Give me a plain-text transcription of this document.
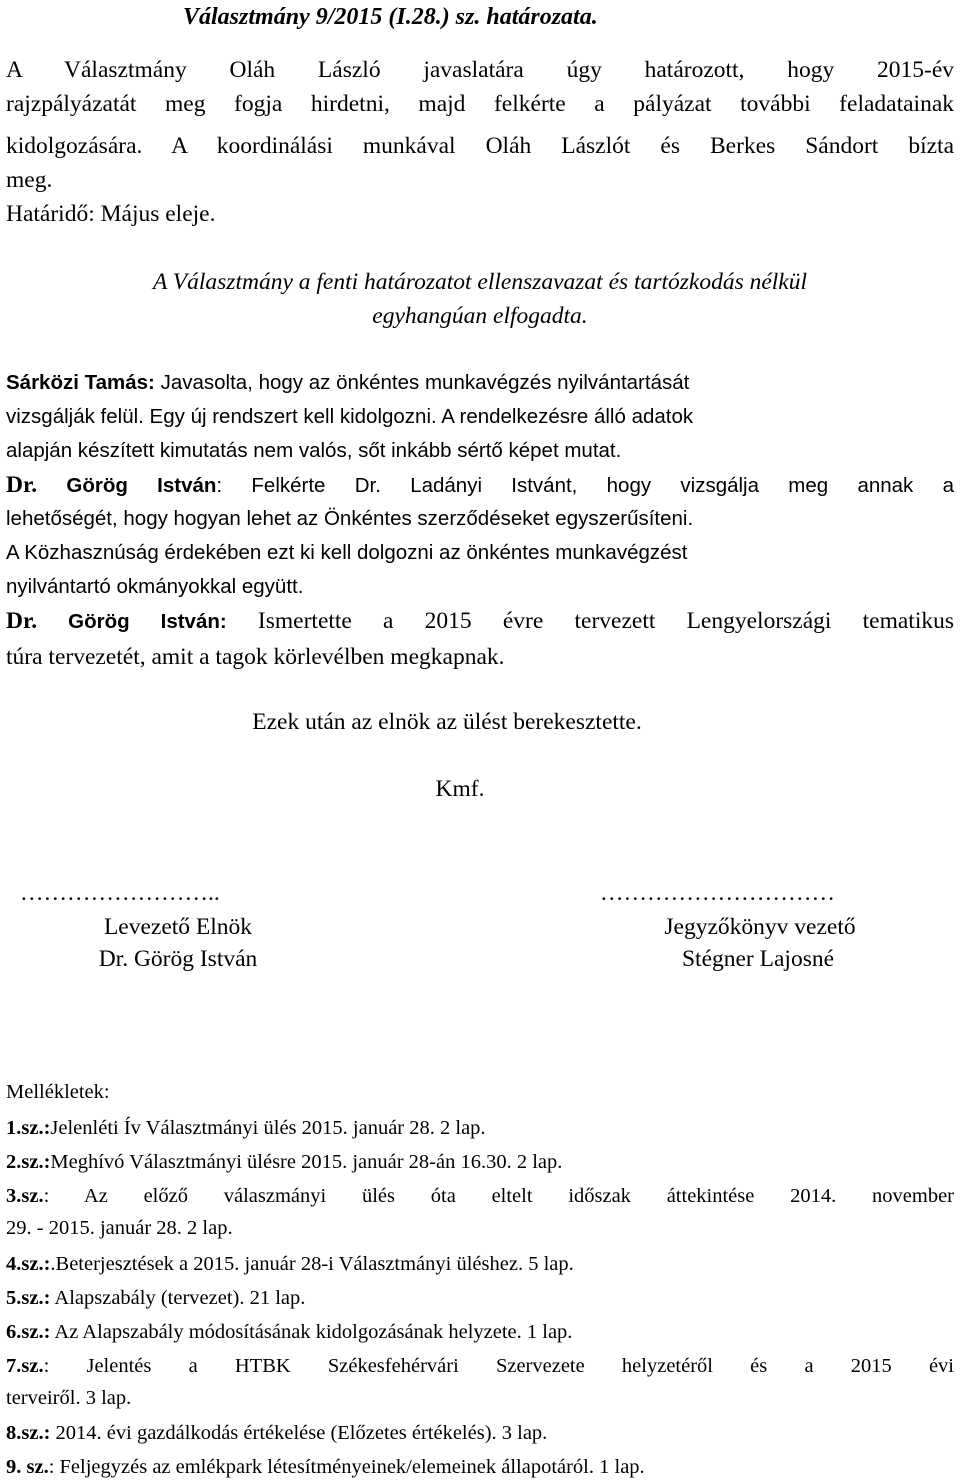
Választmány 9/2015 (I.28.) sz. határozata.
A Választmány Oláh László javaslatára úgy határozott, hogy 2015-év
rajzpályázatát meg fogja hirdetni, majd felkérte a pályázat további feladatainak
kidolgozására. A koordinálási munkával Oláh Lászlót és Berkes Sándort bízta
meg.
Határidő: Május eleje.
A Választmány a fenti határozatot ellenszavazat és tartózkodás nélkül
egyhangúan elfogadta.
Sárközi Tamás: Javasolta, hogy az önkéntes munkavégzés nyilvántartását
vizsgálják felül. Egy új rendszert kell kidolgozni. A rendelkezésre álló adatok
alapján készített kimutatás nem valós, sőt inkább sértő képet mutat.
Dr. Görög István: Felkérte Dr. Ladányi Istvánt, hogy vizsgálja meg annak a
lehetőségét, hogy hogyan lehet az Önkéntes szerződéseket egyszerűsíteni.
A Közhasznúság érdekében ezt ki kell dolgozni az önkéntes munkavégzést
nyilvántartó okmányokkal együtt.
Dr. Görög István: Ismertette a 2015 évre tervezett Lengyelországi tematikus
túra tervezetét, amit a tagok körlevélben megkapnak.
Ezek után az elnök az ülést berekesztette.
Kmf.
……………………..
Levezető Elnök
Dr. Görög István
…………………………
Jegyzőkönyv vezető
Stégner Lajosné
Mellékletek:
1.sz.:Jelenléti Ív Választmányi ülés 2015. január 28. 2 lap.
2.sz.:Meghívó Választmányi ülésre 2015. január 28-án 16.30. 2 lap.
3.sz.: Az előző válaszmányi ülés óta eltelt időszak áttekintése 2014. november
29. - 2015. január 28. 2 lap.
4.sz.:.Beterjesztések a 2015. január 28-i Választmányi üléshez. 5 lap.
5.sz.: Alapszabály (tervezet). 21 lap.
6.sz.: Az Alapszabály módosításának kidolgozásának helyzete. 1 lap.
7.sz.: Jelentés a HTBK Székesfehérvári Szervezete helyzetéről és a 2015 évi
terveiről. 3 lap.
8.sz.: 2014. évi gazdálkodás értékelése (Előzetes értékelés). 3 lap.
9. sz.: Feljegyzés az emlékpark létesítményeinek/elemeinek állapotáról. 1 lap.
